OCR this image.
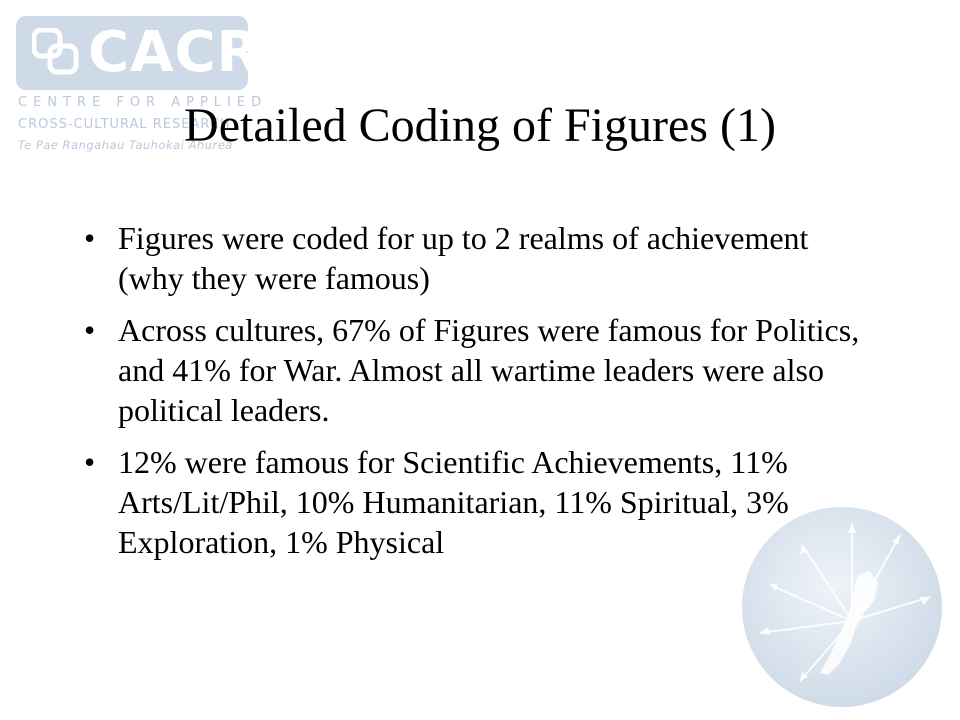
CACR
CENTRE FOR APPLIED
CROSS-CULTURAL RESEARCH
Te Pae Rangahau Tauhokai Ahurea
Detailed Coding of Figures (1)
• Figures were coded for up to 2 realms of achievement (why they were famous)
• Across cultures, 67% of Figures were famous for Politics, and 41% for War. Almost all wartime leaders were also political leaders.
• 12% were famous for Scientific Achievements, 11% Arts/Lit/Phil, 10% Humanitarian, 11% Spiritual, 3% Exploration, 1% Physical
